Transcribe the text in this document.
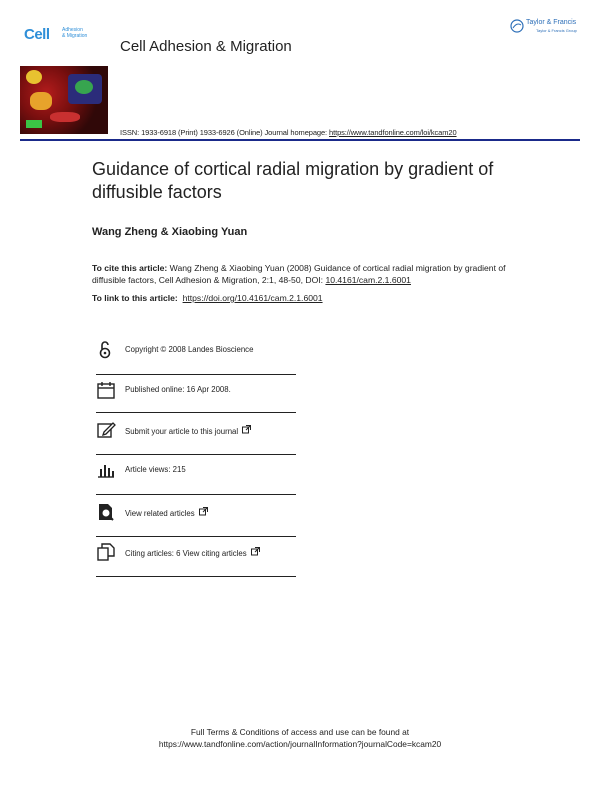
Cell Adhesion
& Migration
Cell Adhesion & Migration
Taylor & Francis
Taylor & Francis Group
ISSN: 1933-6918 (Print) 1933-6926 (Online) Journal homepage: https://www.tandfonline.com/loi/kcam20
Guidance of cortical radial migration by gradient of diffusible factors
Wang Zheng & Xiaobing Yuan
To cite this article: Wang Zheng & Xiaobing Yuan (2008) Guidance of cortical radial migration by gradient of diffusible factors, Cell Adhesion & Migration, 2:1, 48-50, DOI: 10.4161/cam.2.1.6001
To link to this article: https://doi.org/10.4161/cam.2.1.6001
Copyright © 2008 Landes Bioscience
Published online: 16 Apr 2008.
Submit your article to this journal
Article views: 215
View related articles
Citing articles: 6 View citing articles
Full Terms & Conditions of access and use can be found at
https://www.tandfonline.com/action/journalInformation?journalCode=kcam20
